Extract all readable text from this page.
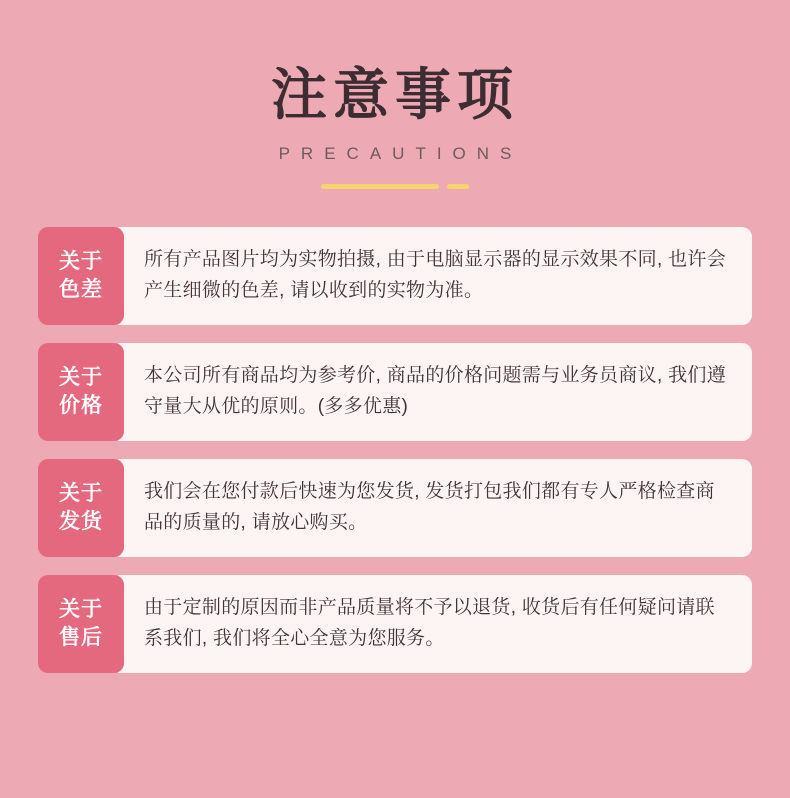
注意事项
PRECAUTIONS
关于
色差
所有产品图片均为实物拍摄, 由于电脑显示器的显示效果不同, 也许会产生细微的色差, 请以收到的实物为准。
关于
价格
本公司所有商品均为参考价, 商品的价格问题需与业务员商议, 我们遵守量大从优的原则。(多多优惠)
关于
发货
我们会在您付款后快速为您发货, 发货打包我们都有专人严格检查商品的质量的, 请放心购买。
关于
售后
由于定制的原因而非产品质量将不予以退货, 收货后有任何疑问请联系我们, 我们将全心全意为您服务。
